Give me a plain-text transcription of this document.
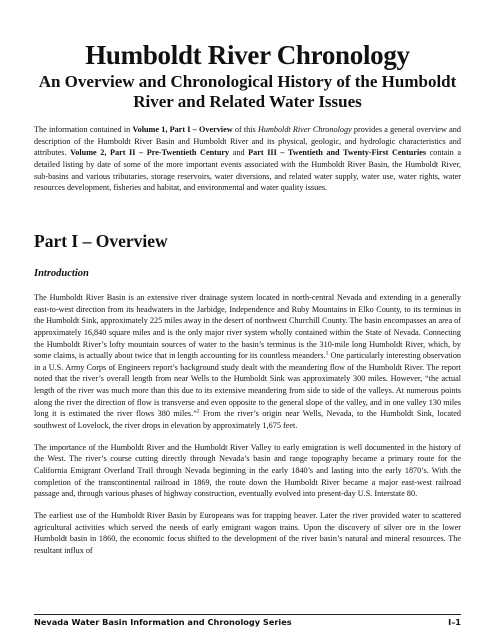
Humboldt River Chronology
An Overview and Chronological History of the Humboldt River and Related Water Issues
The information contained in Volume 1, Part I – Overview of this Humboldt River Chronology provides a general overview and description of the Humboldt River Basin and Humboldt River and its physical, geologic, and hydrologic characteristics and attributes. Volume 2, Part II – Pre-Twentieth Century and Part III – Twentieth and Twenty-First Centuries contain a detailed listing by date of some of the more important events associated with the Humboldt River Basin, the Humboldt River, sub-basins and various tributaries, storage reservoirs, water diversions, and related water supply, water use, water rights, water resources development, fisheries and habitat, and environmental and water quality issues.
Part I – Overview
Introduction

The Humboldt River Basin is an extensive river drainage system located in north-central Nevada and extending in a generally east-to-west direction from its headwaters in the Jarbidge, Independence and Ruby Mountains in Elko County, to its terminus in the Humboldt Sink, approximately 225 miles away in the desert of northwest Churchill County. The basin encompasses an area of approximately 16,840 square miles and is the only major river system wholly contained within the State of Nevada. Connecting the Humboldt River’s lofty mountain sources of water to the basin’s terminus is the 310-mile long Humboldt River, which, by some claims, is actually about twice that in length accounting for its countless meanders.$^1$ One particularly interesting observation in a U.S. Army Corps of Engineers report’s background study dealt with the meandering flow of the Humboldt River. The report noted that the river’s overall length from near Wells to the Humboldt Sink was approximately 300 miles. However, “the actual length of the river was much more than this due to its extensive meandering from side to side of the valleys. At numerous points along the river the direction of flow is transverse and even opposite to the general slope of the valley, and in one valley 130 miles long it is estimated the river flows 380 miles.”$^2$ From the river’s origin near Wells, Nevada, to the Humboldt Sink, located southwest of Lovelock, the river drops in elevation by approximately 1,675 feet.

The importance of the Humboldt River and the Humboldt River Valley to early emigration is well documented in the history of the West. The river’s course cutting directly through Nevada’s basin and range topography became a primary route for the California Emigrant Overland Trail through Nevada beginning in the early 1840’s and lasting into the early 1870’s. With the completion of the transcontinental railroad in 1869, the route down the Humboldt River became a major east-west railroad passage and, through various phases of highway construction, eventually evolved into present-day U.S. Interstate 80.

The earliest use of the Humboldt River Basin by Europeans was for trapping beaver. Later the river provided water to scattered agricultural activities which served the needs of early emigrant wagon trains. Upon the discovery of silver ore in the lower Humboldt basin in 1860, the economic focus shifted to the development of the river basin’s natural and mineral resources. The resultant influx of

Nevada Water Basin Information and Chronology Series	I–1
